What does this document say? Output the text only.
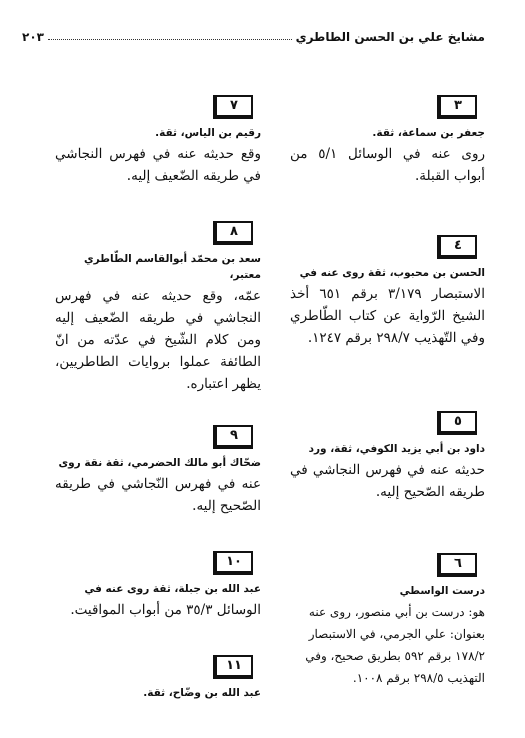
مشايخ علي بن الحسن الطاطري
٢٠٣
٣
جعفر بن سماعة، ثقة.
روى عنه في الوسائل ٥/١ من أبواب القبلة.
٤
الحسن بن محبوب، ثقة روى عنه في
الاستبصار ٣/١٧٩ برقم ٦٥١ أخذ الشيخ الرّواية عن كتاب الطّاطري وفي التّهذيب ٢٩٨/٧ برقم ١٢٤٧.
٥
داود بن أبي يزيد الكوفي، ثقة، ورد
حديثه عنه في فهرس النجاشي في طريقه الصّحيح إليه.
٦
درست الواسطي
هو: درست بن أبي منصور، روى عنه بعنوان: علي الجرمي، في الاستبصار ١٧٨/٢ برقم ٥٩٢ بطريق صحيح، وفي التهذيب ٢٩٨/٥ برقم ١٠٠٨.
٧
رقيم بن الياس، ثقة.
وقع حديثه عنه في فهرس النجاشي في طريقه الضّعيف إليه.
٨
سعد بن محمّد أبوالقاسم الطّاطري معتبر،
عمّه، وقع حديثه عنه في فهرس النجاشي في طريقه الضّعيف إليه ومن كلام الشّيخ في عدّته من انّ الطائفة عملوا بروايات الطاطريين، يظهر اعتباره.
٩
ضحّاك أبو مالك الحضرمي، ثقة نقة روى
عنه في فهرس النّجاشي في طريقه الصّحيح إليه.
١٠
عبد الله بن جبلة، ثقة روى عنه في
الوسائل ٣٥/٣ من أبواب المواقيت.
١١
عبد الله بن وضّاح، ثقة.
